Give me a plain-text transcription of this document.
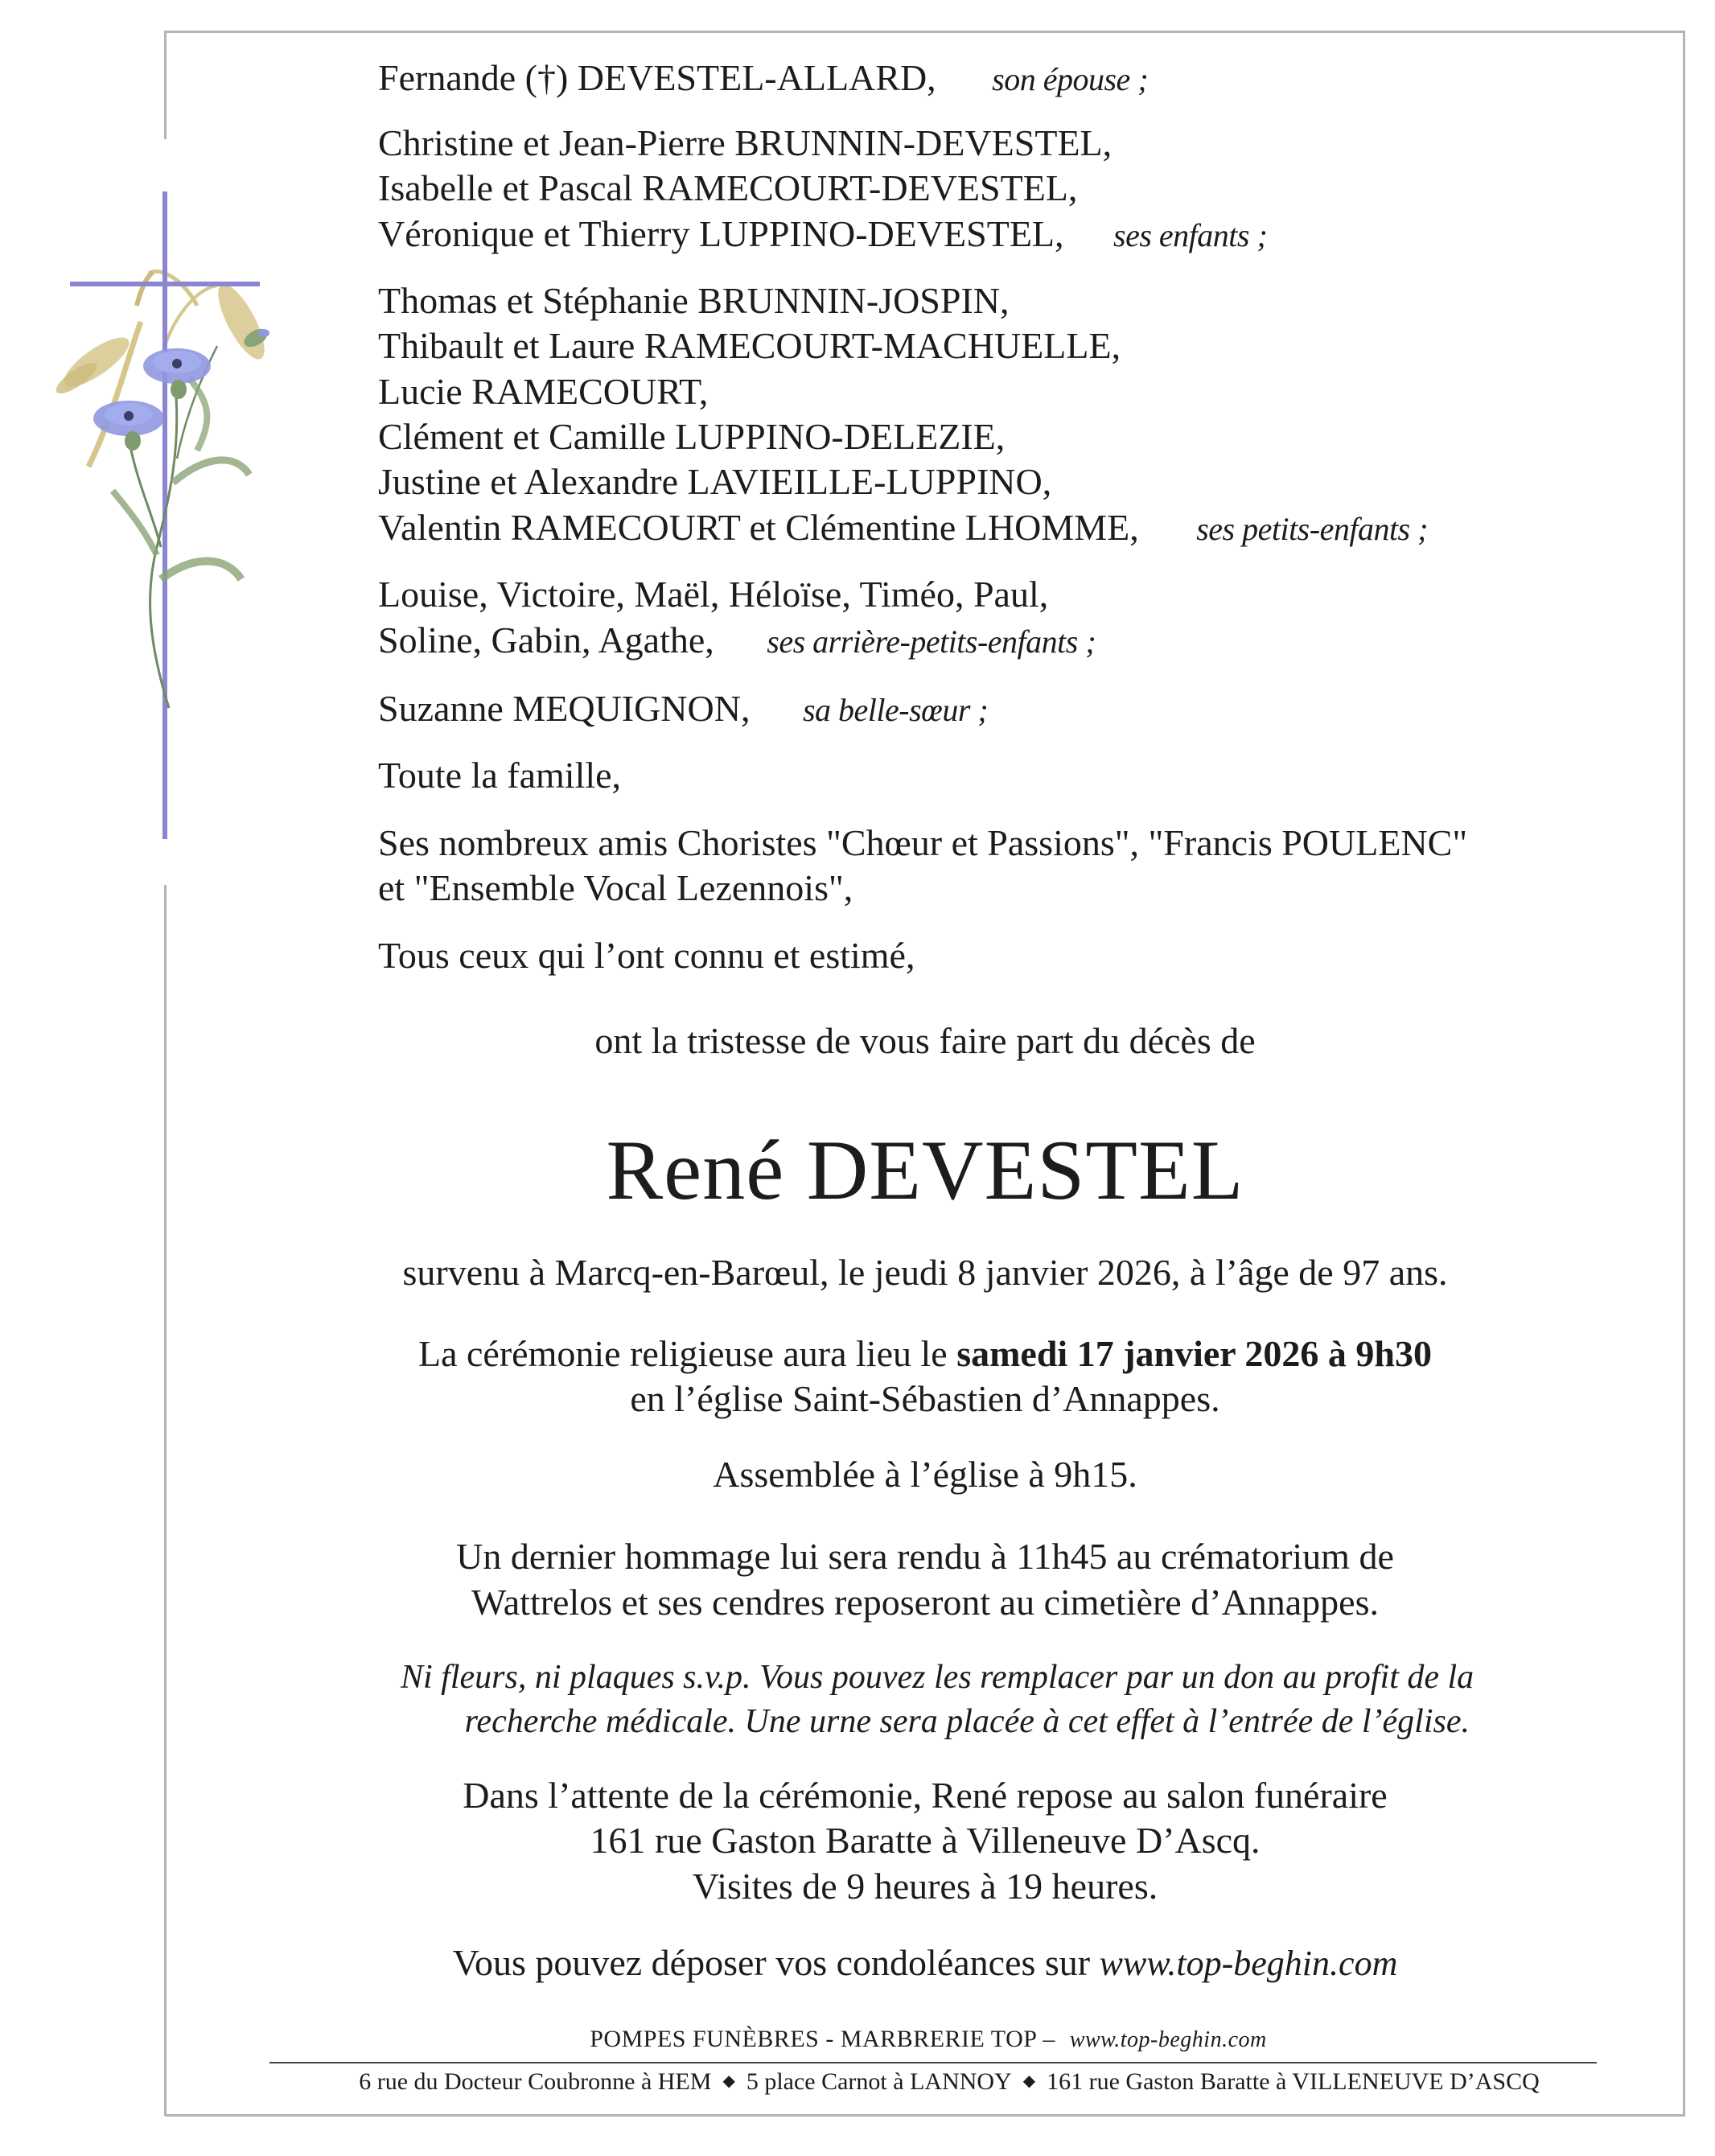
Fernande (†) DEVESTEL-ALLARD, son épouse ;
Christine et Jean-Pierre BRUNNIN-DEVESTEL,
Isabelle et Pascal RAMECOURT-DEVESTEL,
Véronique et Thierry LUPPINO-DEVESTEL, ses enfants ;
Thomas et Stéphanie BRUNNIN-JOSPIN,
Thibault et Laure RAMECOURT-MACHUELLE,
Lucie RAMECOURT,
Clément et Camille LUPPINO-DELEZIE,
Justine et Alexandre LAVIEILLE-LUPPINO,
Valentin RAMECOURT et Clémentine LHOMME, ses petits-enfants ;
Louise, Victoire, Maël, Héloïse, Timéo, Paul,
Soline, Gabin, Agathe, ses arrière-petits-enfants ;
Suzanne MEQUIGNON, sa belle-sœur ;
Toute la famille,
Ses nombreux amis Choristes "Chœur et Passions", "Francis POULENC"
et "Ensemble Vocal Lezennois",
Tous ceux qui l’ont connu et estimé,
ont la tristesse de vous faire part du décès de
René DEVESTEL
survenu à Marcq-en-Barœul, le jeudi 8 janvier 2026, à l’âge de 97 ans.
La cérémonie religieuse aura lieu le samedi 17 janvier 2026 à 9h30
en l’église Saint-Sébastien d’Annappes.
Assemblée à l’église à 9h15.
Un dernier hommage lui sera rendu à 11h45 au crématorium de
Wattrelos et ses cendres reposeront au cimetière d’Annappes.
Ni fleurs, ni plaques s.v.p. Vous pouvez les remplacer par un don au profit de la
recherche médicale. Une urne sera placée à cet effet à l’entrée de l’église.
Dans l’attente de la cérémonie, René repose au salon funéraire
161 rue Gaston Baratte à Villeneuve D’Ascq.
Visites de 9 heures à 19 heures.
Vous pouvez déposer vos condoléances sur www.top-beghin.com
POMPES FUNÈBRES - MARBRERIE TOP – www.top-beghin.com
6 rue du Docteur Coubronne à HEM ◆ 5 place Carnot à LANNOY ◆ 161 rue Gaston Baratte à VILLENEUVE D’ASCQ
